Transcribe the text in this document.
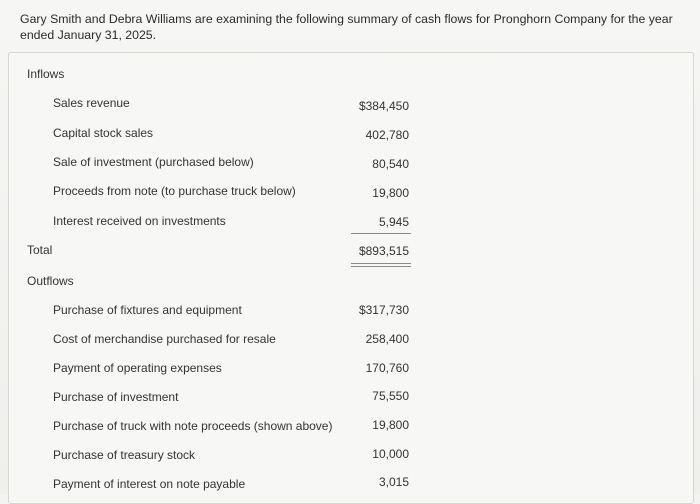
Gary Smith and Debra Williams are examining the following summary of cash flows for Pronghorn Company for the year ended January 31, 2025.
Inflows
Sales revenue	$384,450
Capital stock sales	402,780
Sale of investment (purchased below)	80,540
Proceeds from note (to purchase truck below)	19,800
Interest received on investments	5,945
Total	$893,515
Outflows
Purchase of fixtures and equipment	$317,730
Cost of merchandise purchased for resale	258,400
Payment of operating expenses	170,760
Purchase of investment	75,550
Purchase of truck with note proceeds (shown above)	19,800
Purchase of treasury stock	10,000
Payment of interest on note payable	3,015
